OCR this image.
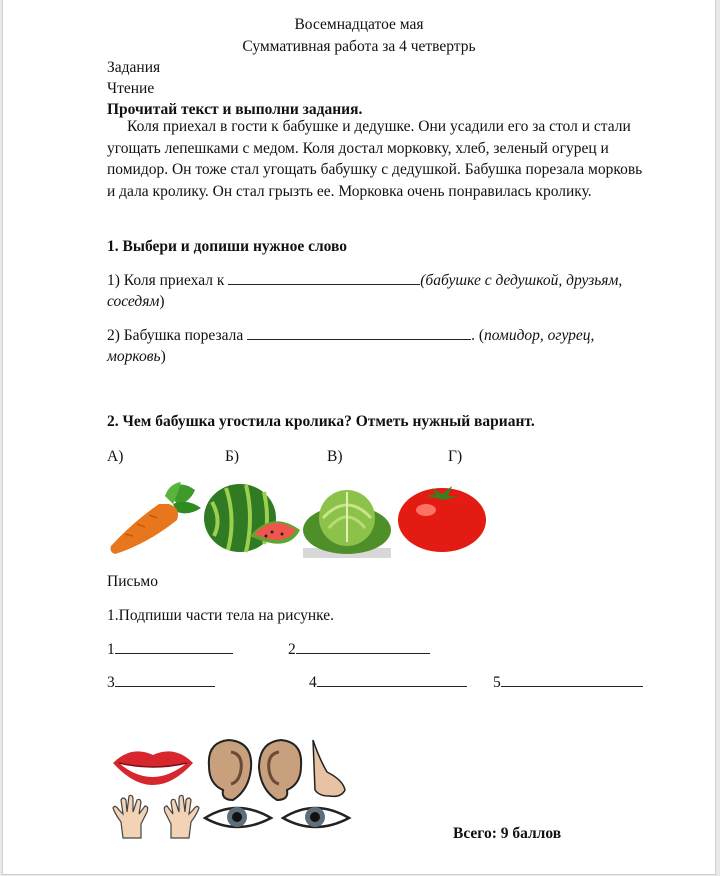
Восемнадцатое мая
Суммативная работа за 4 четвертрь
Задания
Чтение
Прочитай текст и выполни задания.
Коля приехал в гости к бабушке и дедушке. Они усадили его за стол и стали угощать лепешками с медом. Коля достал морковку, хлеб, зеленый огурец и помидор. Он тоже стал угощать бабушку с дедушкой. Бабушка порезала морковь и дала кролику. Он стал грызть ее. Морковка очень понравилась кролику.
1. Выбери и допиши нужное слово
1) Коля приехал к	(бабушке с дедушкой, друзьям,
соседям)
2) Бабушка порезала	. (помидор, огурец,
морковь)
2. Чем бабушка угостила кролика? Отметь нужный вариант.
А)	Б)	В)	Г)
Письмо
1.Подпиши части тела на рисунке.
1	2
3	4	5
Всего: 9 баллов
